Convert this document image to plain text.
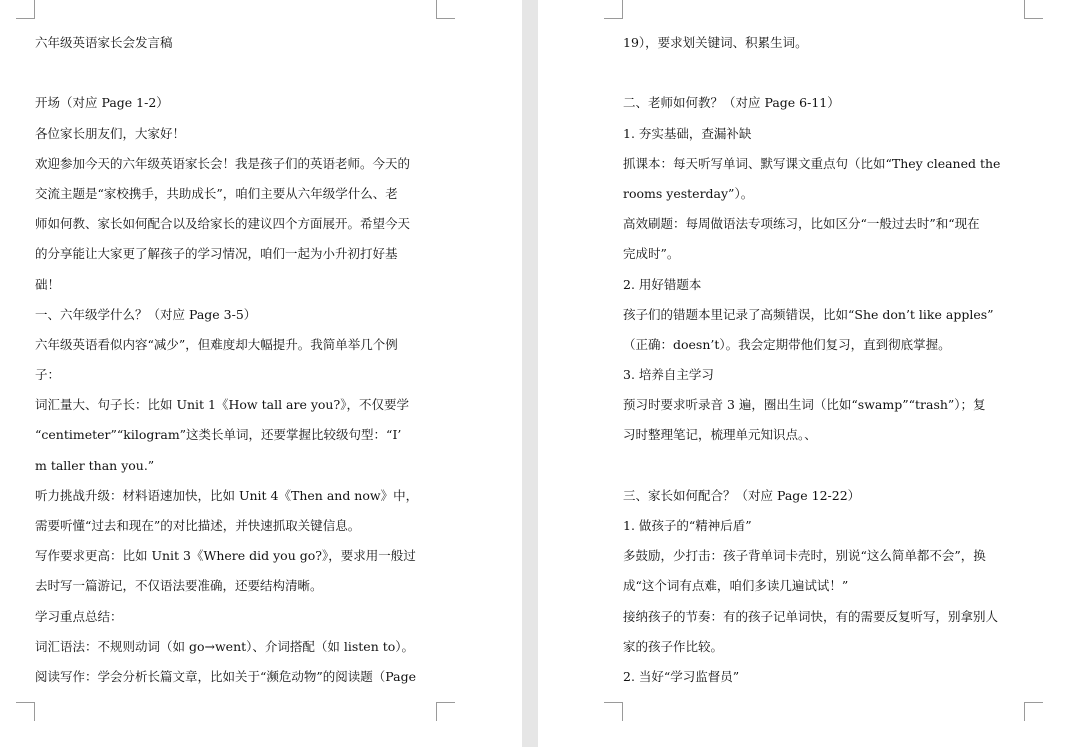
六年级英语家长会发言稿
开场（对应 Page 1-2）
各位家长朋友们，大家好！
欢迎参加今天的六年级英语家长会！我是孩子们的英语老师。今天的
交流主题是“家校携手，共助成长”，咱们主要从六年级学什么、老
师如何教、家长如何配合以及给家长的建议四个方面展开。希望今天
的分享能让大家更了解孩子的学习情况，咱们一起为小升初打好基
础！
一、六年级学什么？（对应 Page 3-5）
六年级英语看似内容“减少”，但难度却大幅提升。我简单举几个例
子：
词汇量大、句子长：比如 Unit 1《How tall are you?》，不仅要学
“centimeter”“kilogram”这类长单词，还要掌握比较级句型：“I’
m taller than you.”
听力挑战升级：材料语速加快，比如 Unit 4《Then and now》中，
需要听懂“过去和现在”的对比描述，并快速抓取关键信息。
写作要求更高：比如 Unit 3《Where did you go?》，要求用一般过
去时写一篇游记，不仅语法要准确，还要结构清晰。
学习重点总结：
词汇语法：不规则动词（如 go→went）、介词搭配（如 listen to）。
阅读写作：学会分析长篇文章，比如关于“濒危动物”的阅读题（Page
19），要求划关键词、积累生词。
二、老师如何教？（对应 Page 6-11）
1. 夯实基础，查漏补缺
抓课本：每天听写单词、默写课文重点句（比如“They cleaned the
rooms yesterday”）。
高效刷题：每周做语法专项练习，比如区分“一般过去时”和“现在
完成时”。
2. 用好错题本
孩子们的错题本里记录了高频错误，比如“She don’t like apples”
（正确：doesn’t）。我会定期带他们复习，直到彻底掌握。
3. 培养自主学习
预习时要求听录音 3 遍，圈出生词（比如“swamp”“trash”）；复
习时整理笔记，梳理单元知识点。、
三、家长如何配合？（对应 Page 12-22）
1. 做孩子的“精神后盾”
多鼓励，少打击：孩子背单词卡壳时，别说“这么简单都不会”，换
成“这个词有点难，咱们多读几遍试试！”
接纳孩子的节奏：有的孩子记单词快，有的需要反复听写，别拿别人
家的孩子作比较。
2. 当好“学习监督员”
